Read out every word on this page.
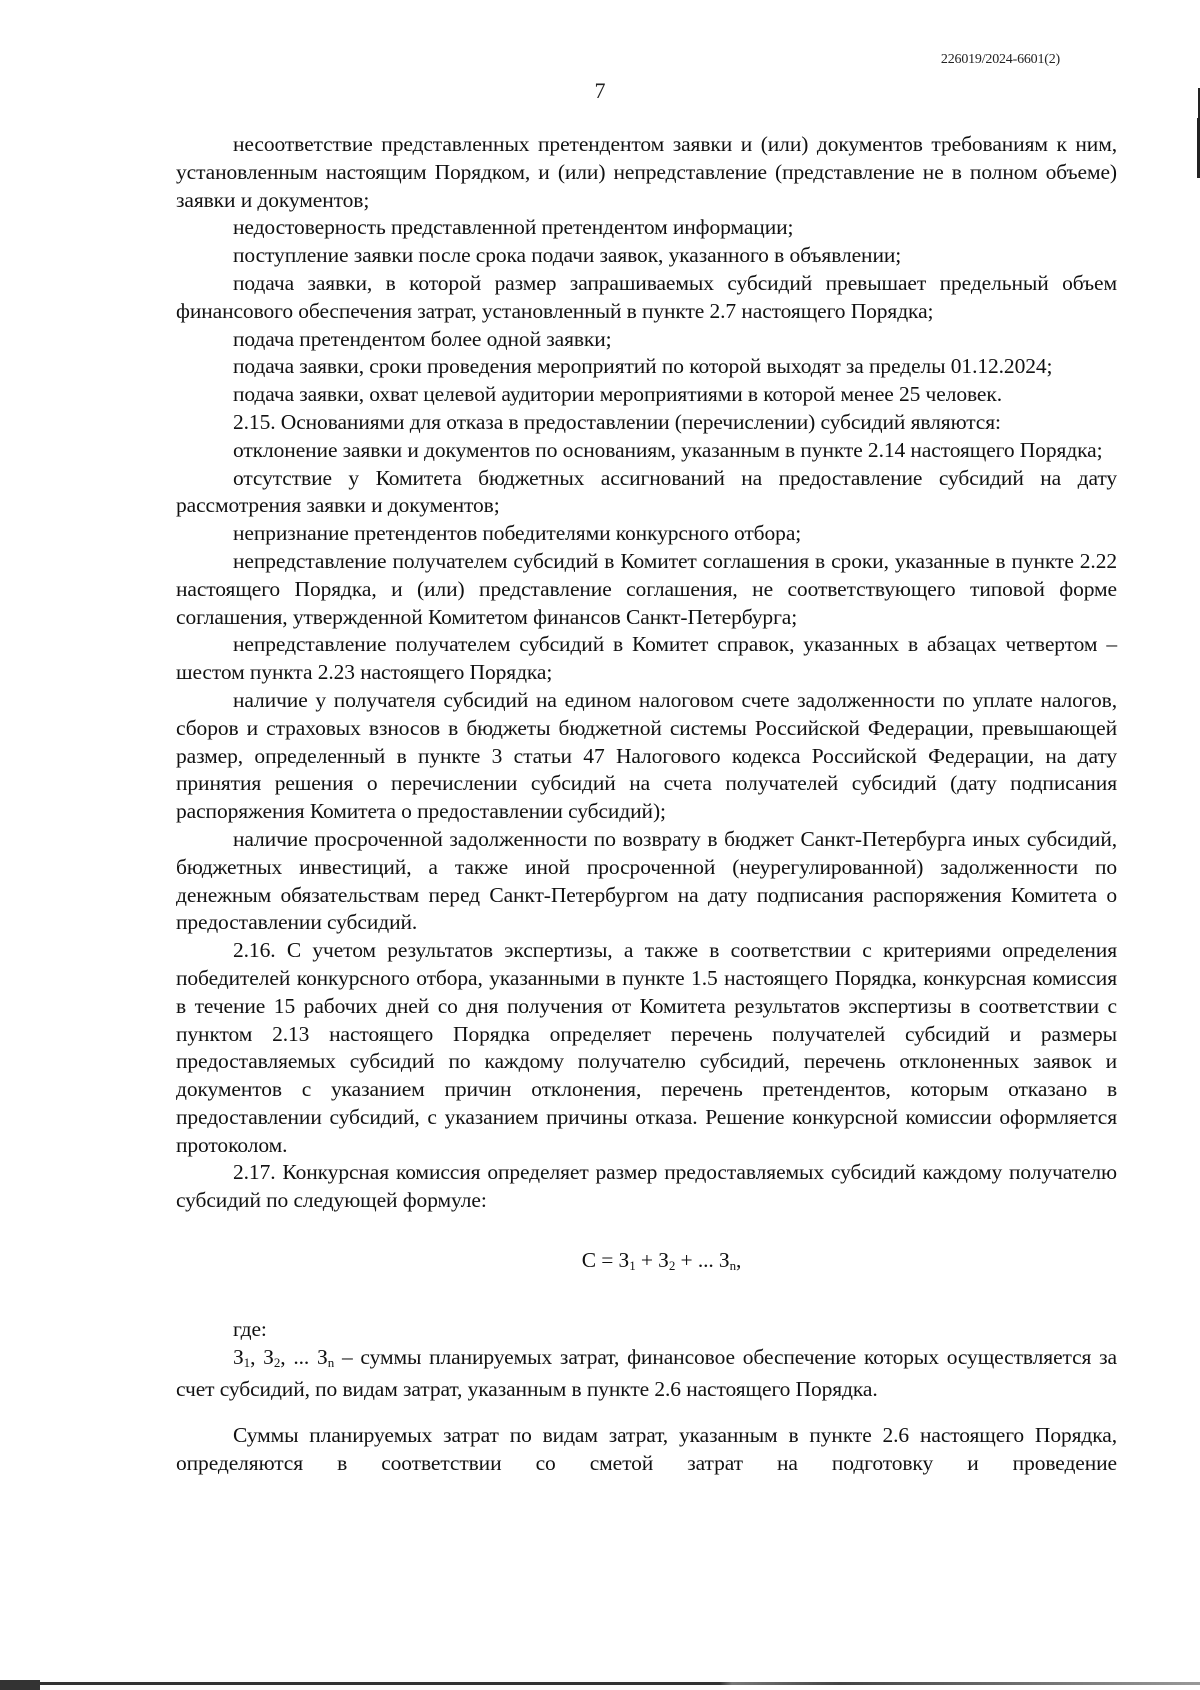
226019/2024-6601(2)
7

несоответствие представленных претендентом заявки и (или) документов требованиям к ним, установленным настоящим Порядком, и (или) непредставление (представление не в полном объеме) заявки и документов;

недостоверность представленной претендентом информации;

поступление заявки после срока подачи заявок, указанного в объявлении;

подача заявки, в которой размер запрашиваемых субсидий превышает предельный объем финансового обеспечения затрат, установленный в пункте 2.7 настоящего Порядка;

подача претендентом более одной заявки;

подача заявки, сроки проведения мероприятий по которой выходят за пределы 01.12.2024;

подача заявки, охват целевой аудитории мероприятиями в которой менее 25 человек.

2.15. Основаниями для отказа в предоставлении (перечислении) субсидий являются:

отклонение заявки и документов по основаниям, указанным в пункте 2.14 настоящего Порядка;

отсутствие у Комитета бюджетных ассигнований на предоставление субсидий на дату рассмотрения заявки и документов;

непризнание претендентов победителями конкурсного отбора;

непредставление получателем субсидий в Комитет соглашения в сроки, указанные в пункте 2.22 настоящего Порядка, и (или) представление соглашения, не соответствующего типовой форме соглашения, утвержденной Комитетом финансов Санкт-Петербурга;

непредставление получателем субсидий в Комитет справок, указанных в абзацах четвертом – шестом пункта 2.23 настоящего Порядка;

наличие у получателя субсидий на едином налоговом счете задолженности по уплате налогов, сборов и страховых взносов в бюджеты бюджетной системы Российской Федерации, превышающей размер, определенный в пункте 3 статьи 47 Налогового кодекса Российской Федерации, на дату принятия решения о перечислении субсидий на счета получателей субсидий (дату подписания распоряжения Комитета о предоставлении субсидий);

наличие просроченной задолженности по возврату в бюджет Санкт-Петербурга иных субсидий, бюджетных инвестиций, а также иной просроченной (неурегулированной) задолженности по денежным обязательствам перед Санкт-Петербургом на дату подписания распоряжения Комитета о предоставлении субсидий.

2.16. С учетом результатов экспертизы, а также в соответствии с критериями определения победителей конкурсного отбора, указанными в пункте 1.5 настоящего Порядка, конкурсная комиссия в течение 15 рабочих дней со дня получения от Комитета результатов экспертизы в соответствии с пунктом 2.13 настоящего Порядка определяет перечень получателей субсидий и размеры предоставляемых субсидий по каждому получателю субсидий, перечень отклоненных заявок и документов с указанием причин отклонения, перечень претендентов, которым отказано в предоставлении субсидий, с указанием причины отказа. Решение конкурсной комиссии оформляется протоколом.

2.17. Конкурсная комиссия определяет размер предоставляемых субсидий каждому получателю субсидий по следующей формуле:

$С = З_1 + З_2$ + ... $З_n$,

где:

$З_1$, $З_2$, ... $З_n$ – суммы планируемых затрат, финансовое обеспечение которых осуществляется за счет субсидий, по видам затрат, указанным в пункте 2.6 настоящего Порядка.

Суммы планируемых затрат по видам затрат, указанным в пункте 2.6 настоящего Порядка, определяются в соответствии со сметой затрат на подготовку и проведение
